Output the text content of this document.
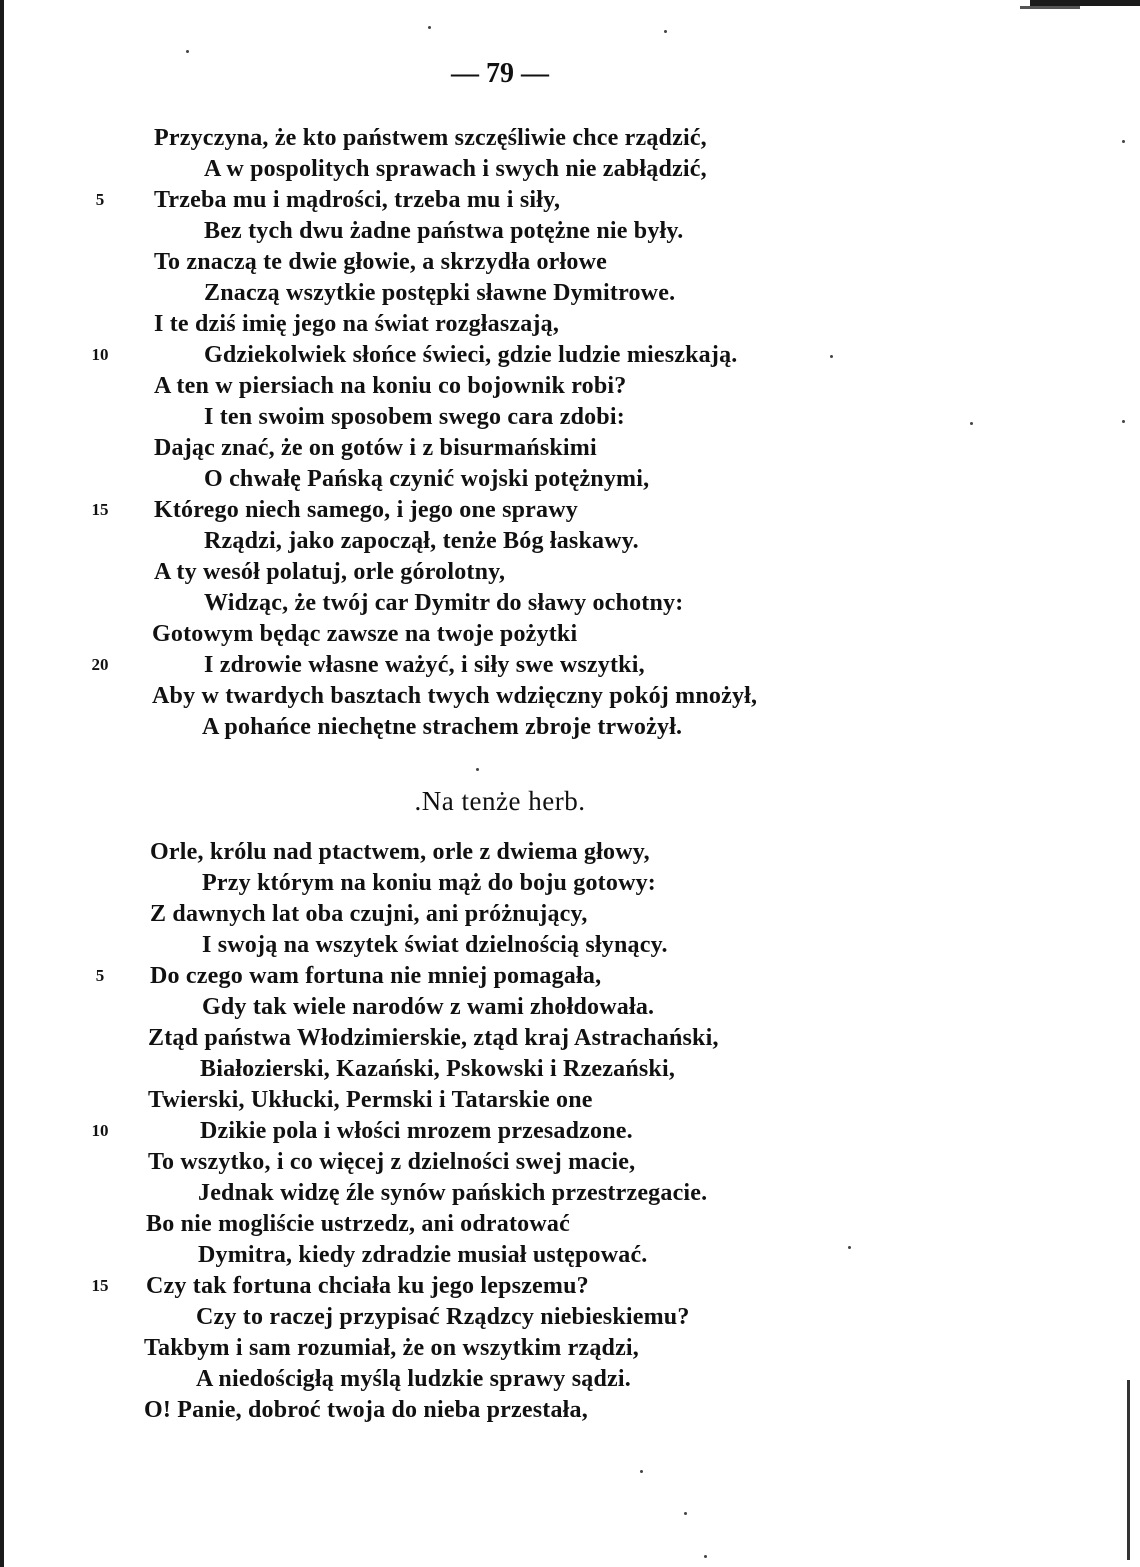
— 79 —
Przyczyna, że kto państwem szczęśliwie chce rządzić,
A w pospolitych sprawach i swych nie zabłądzić,
5	Trzeba mu i mądrości, trzeba mu i siły,
Bez tych dwu żadne państwa potężne nie były.
To znaczą te dwie głowie, a skrzydła orłowe
Znaczą wszytkie postępki sławne Dymitrowe.
I te dziś imię jego na świat rozgłaszają,
10	Gdziekolwiek słońce świeci, gdzie ludzie mieszkają.
A ten w piersiach na koniu co bojownik robi?
I ten swoim sposobem swego cara zdobi:
Dając znać, że on gotów i z bisurmańskimi
O chwałę Pańską czynić wojski potężnymi,
15	Którego niech samego, i jego one sprawy
Rządzi, jako zapoczął, tenże Bóg łaskawy.
A ty wesół polatuj, orle górolotny,
Widząc, że twój car Dymitr do sławy ochotny:
Gotowym będąc zawsze na twoje pożytki
20	I zdrowie własne ważyć, i siły swe wszytki,
Aby w twardych basztach twych wdzięczny pokój mnożył,
A pohańce niechętne strachem zbroje trwożył.
.Na tenże herb.
Orle, królu nad ptactwem, orle z dwiema głowy,
Przy którym na koniu mąż do boju gotowy:
Z dawnych lat oba czujni, ani próżnujący,
I swoją na wszytek świat dzielnością słynący.
5	Do czego wam fortuna nie mniej pomagała,
Gdy tak wiele narodów z wami zhołdowała.
Ztąd państwa Włodzimierskie, ztąd kraj Astrachański,
Białozierski, Kazański, Pskowski i Rzezański,
Twierski, Ukłucki, Permski i Tatarskie one
10	Dzikie pola i włości mrozem przesadzone.
To wszytko, i co więcej z dzielności swej macie,
Jednak widzę źle synów pańskich przestrzegacie.
Bo nie mogliście ustrzedz, ani odratować
Dymitra, kiedy zdradzie musiał ustępować.
15	Czy tak fortuna chciała ku jego lepszemu?
Czy to raczej przypisać Rządzcy niebieskiemu?
Takbym i sam rozumiał, że on wszytkim rządzi,
A niedościgłą myślą ludzkie sprawy sądzi.
O! Panie, dobroć twoja do nieba przestała,
